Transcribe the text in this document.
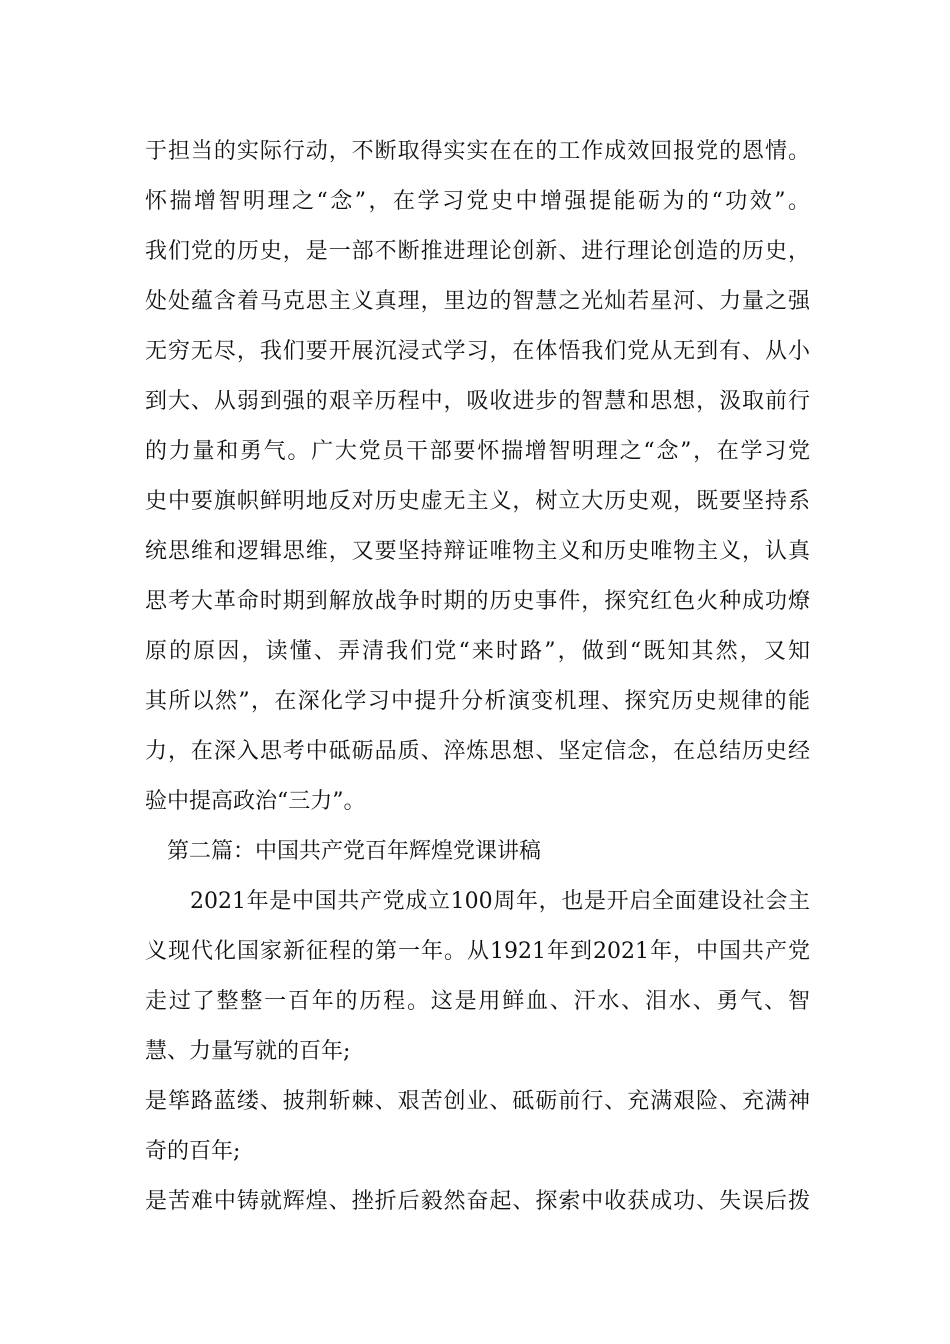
于担当的实际行动，不断取得实实在在的工作成效回报党的恩情。
怀揣增智明理之“念”，在学习党史中增强提能砺为的“功效”。
我们党的历史，是一部不断推进理论创新、进行理论创造的历史，
处处蕴含着马克思主义真理，里边的智慧之光灿若星河、力量之强
无穷无尽，我们要开展沉浸式学习，在体悟我们党从无到有、从小
到大、从弱到强的艰辛历程中，吸收进步的智慧和思想，汲取前行
的力量和勇气。广大党员干部要怀揣增智明理之“念”，在学习党
史中要旗帜鲜明地反对历史虚无主义，树立大历史观，既要坚持系
统思维和逻辑思维，又要坚持辩证唯物主义和历史唯物主义，认真
思考大革命时期到解放战争时期的历史事件，探究红色火种成功燎
原的原因，读懂、弄清我们党“来时路”，做到“既知其然，又知
其所以然”，在深化学习中提升分析演变机理、探究历史规律的能
力，在深入思考中砥砺品质、淬炼思想、坚定信念，在总结历史经
验中提高政治“三力”。
第二篇：中国共产党百年辉煌党课讲稿
2021年是中国共产党成立100周年，也是开启全面建设社会主
义现代化国家新征程的第一年。从1921年到2021年，中国共产党
走过了整整一百年的历程。这是用鲜血、汗水、泪水、勇气、智
慧、力量写就的百年;
是筚路蓝缕、披荆斩棘、艰苦创业、砥砺前行、充满艰险、充满神
奇的百年;
是苦难中铸就辉煌、挫折后毅然奋起、探索中收获成功、失误后拨
